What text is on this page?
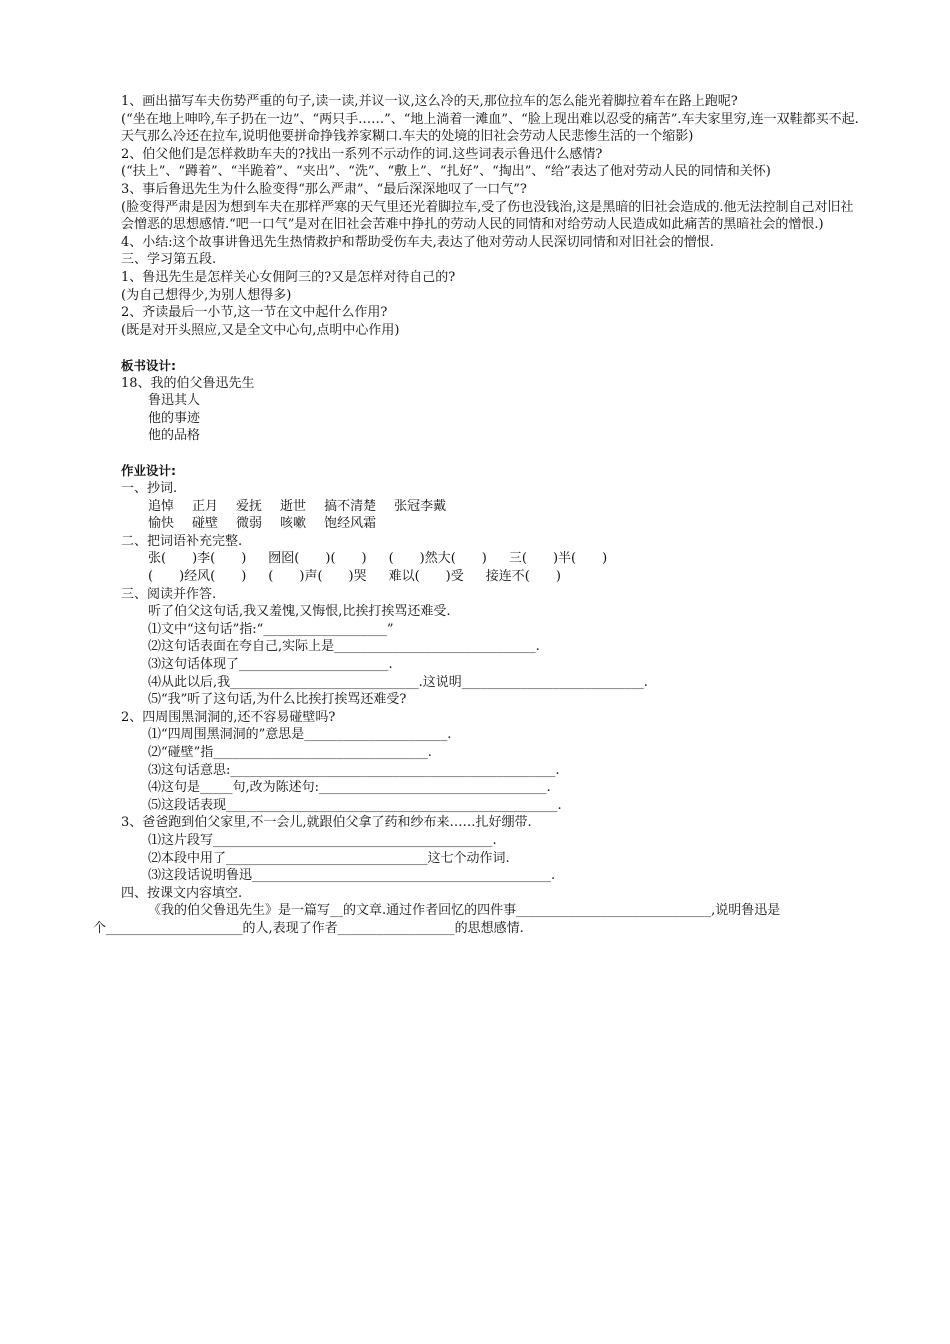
1、画出描写车夫伤势严重的句子,读一读,并议一议,这么冷的天,那位拉车的怎么能光着脚拉着车在路上跑呢?

(“坐在地上呻吟,车子扔在一边”、“两只手……”、“地上淌着一滩血”、“脸上现出难以忍受的痛苦”.车夫家里穷,连一双鞋都买不起.天气那么冷还在拉车,说明他要拼命挣钱养家糊口.车夫的处境的旧社会劳动人民悲惨生活的一个缩影)

2、伯父他们是怎样救助车夫的?找出一系列不示动作的词.这些词表示鲁迅什么感情?

(“扶上”、“蹲着”、“半跪着”、“夹出”、“洗”、“敷上”、“扎好”、“掏出”、“给”表达了他对劳动人民的同情和关怀)

3、事后鲁迅先生为什么脸变得“那么严肃”、“最后深深地叹了一口气”?

(脸变得严肃是因为想到车夫在那样严寒的天气里还光着脚拉车,受了伤也没钱治,这是黑暗的旧社会造成的.他无法控制自己对旧社会憎恶的思想感情.“吧一口气”是对在旧社会苦难中挣扎的劳动人民的同情和对给劳动人民造成如此痛苦的黑暗社会的憎恨.)

4、小结:这个故事讲鲁迅先生热情救护和帮助受伤车夫,表达了他对劳动人民深切同情和对旧社会的憎恨.

三、学习第五段.

1、鲁迅先生是怎样关心女佣阿三的?又是怎样对待自己的?

(为自己想得少,为别人想得多)

2、齐读最后一小节,这一节在文中起什么作用?

(既是对开头照应,又是全文中心句,点明中心作用)

板书设计:

18、我的伯父鲁迅先生

鲁迅其人

他的事迹

他的品格

作业设计:

一、抄词.

追悼 正月 爱抚 逝世 搞不清楚 张冠李戴
愉快 碰壁 微弱 咳嗽 饱经风霜

二、把词语补充完整.

张(　　)李(　　) 囫囵(　　)(　　) (　　)然大(　　) 三(　　)半(　　)
(　　)经风(　　) (　　)声(　　)哭 难以(　　)受 接连不(　　)

三、阅读并作答.

听了伯父这句话,我又羞愧,又悔恨,比挨打挨骂还难受.

⑴文中“这句话”指:“___________________”

⑵这句话表面在夸自己,实际上是_______________________________.

⑶这句话体现了_______________________.

⑷从此以后,我_____________________________.这说明____________________________.

⑸“我”听了这句话,为什么比挨打挨骂还难受?

2、四周围黑洞洞的,还不容易碰壁吗?

⑴“四周围黑洞洞的”意思是______________________.

⑵“碰壁”指_________________________________.

⑶这句话意思:__________________________________________________.

⑷这句是_____句,改为陈述句:___________________________________.

⑸这段话表现___________________________________________________.

3、爸爸跑到伯父家里,不一会儿,就跟伯父拿了药和纱布来……扎好绷带.

⑴这片段写___________________________________________.

⑵本段中用了_______________________________这七个动作词.

⑶这段话说明鲁迅______________________________________________.

四、按课文内容填空.

《我的伯父鲁迅先生》是一篇写__的文章.通过作者回忆的四件事______________________________,说明鲁迅是

个_____________________的人,表现了作者__________________的思想感情.
